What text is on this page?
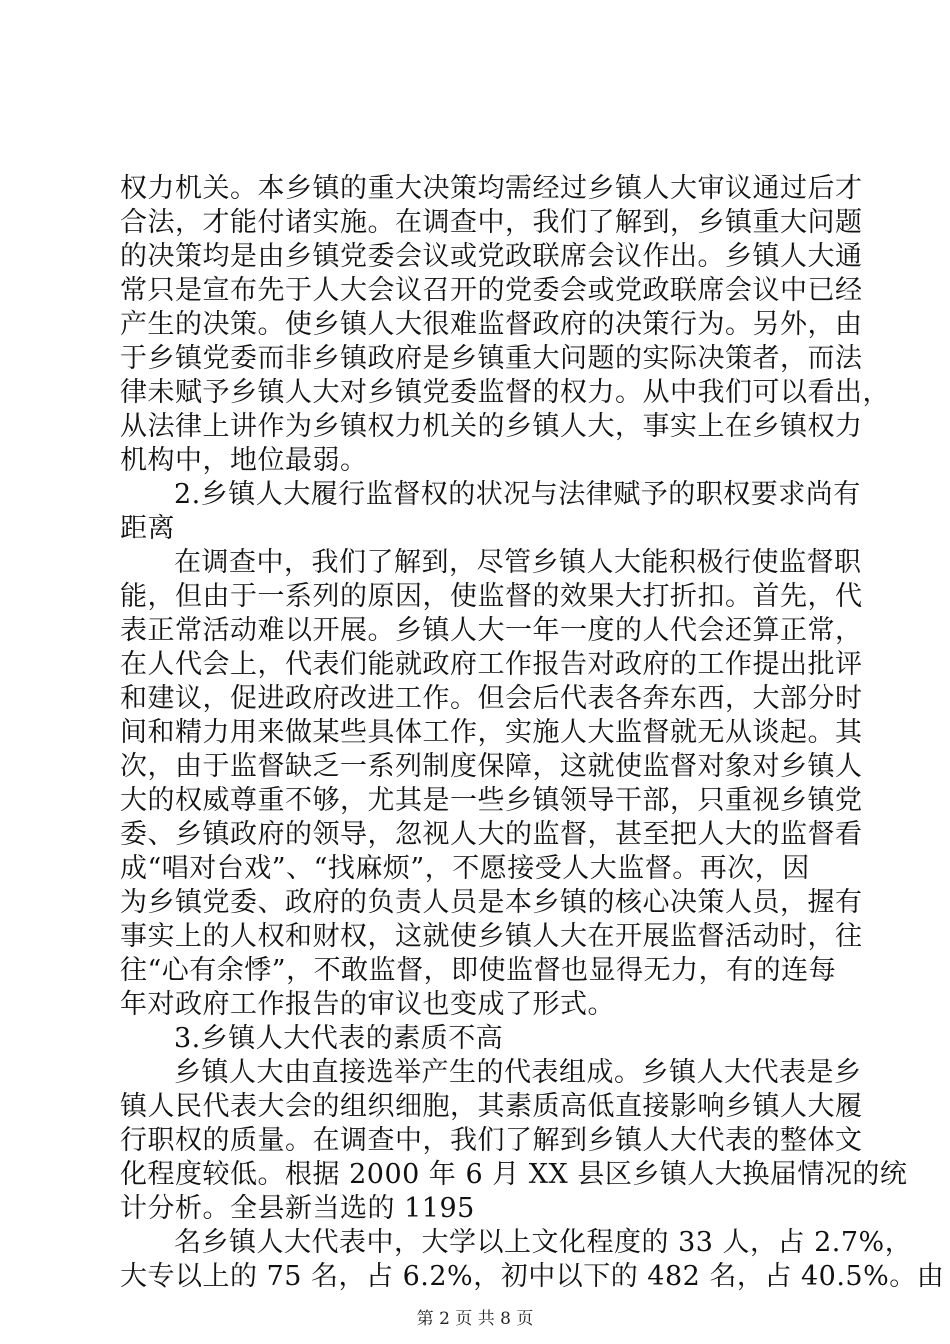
权力机关。本乡镇的重大决策均需经过乡镇人大审议通过后才
合法，才能付诸实施。在调查中，我们了解到，乡镇重大问题
的决策均是由乡镇党委会议或党政联席会议作出。乡镇人大通
常只是宣布先于人大会议召开的党委会或党政联席会议中已经
产生的决策。使乡镇人大很难监督政府的决策行为。另外，由
于乡镇党委而非乡镇政府是乡镇重大问题的实际决策者，而法
律未赋予乡镇人大对乡镇党委监督的权力。从中我们可以看出，
从法律上讲作为乡镇权力机关的乡镇人大，事实上在乡镇权力
机构中，地位最弱。
2.乡镇人大履行监督权的状况与法律赋予的职权要求尚有
距离
在调查中，我们了解到，尽管乡镇人大能积极行使监督职
能，但由于一系列的原因，使监督的效果大打折扣。首先，代
表正常活动难以开展。乡镇人大一年一度的人代会还算正常，
在人代会上，代表们能就政府工作报告对政府的工作提出批评
和建议，促进政府改进工作。但会后代表各奔东西，大部分时
间和精力用来做某些具体工作，实施人大监督就无从谈起。其
次，由于监督缺乏一系列制度保障，这就使监督对象对乡镇人
大的权威尊重不够，尤其是一些乡镇领导干部，只重视乡镇党
委、乡镇政府的领导，忽视人大的监督，甚至把人大的监督看
成“唱对台戏”、“找麻烦”，不愿接受人大监督。再次，因
为乡镇党委、政府的负责人员是本乡镇的核心决策人员，握有
事实上的人权和财权，这就使乡镇人大在开展监督活动时，往
往“心有余悸”，不敢监督，即使监督也显得无力，有的连每
年对政府工作报告的审议也变成了形式。
3.乡镇人大代表的素质不高
乡镇人大由直接选举产生的代表组成。乡镇人大代表是乡
镇人民代表大会的组织细胞，其素质高低直接影响乡镇人大履
行职权的质量。在调查中，我们了解到乡镇人大代表的整体文
化程度较低。根据 2000 年 6 月 XX 县区乡镇人大换届情况的统
计分析。全县新当选的 1195
名乡镇人大代表中，大学以上文化程度的 33 人，占 2.7%，
大专以上的 75 名，占 6.2%，初中以下的 482 名，占 40.5%。由
第 2 页 共 8 页
